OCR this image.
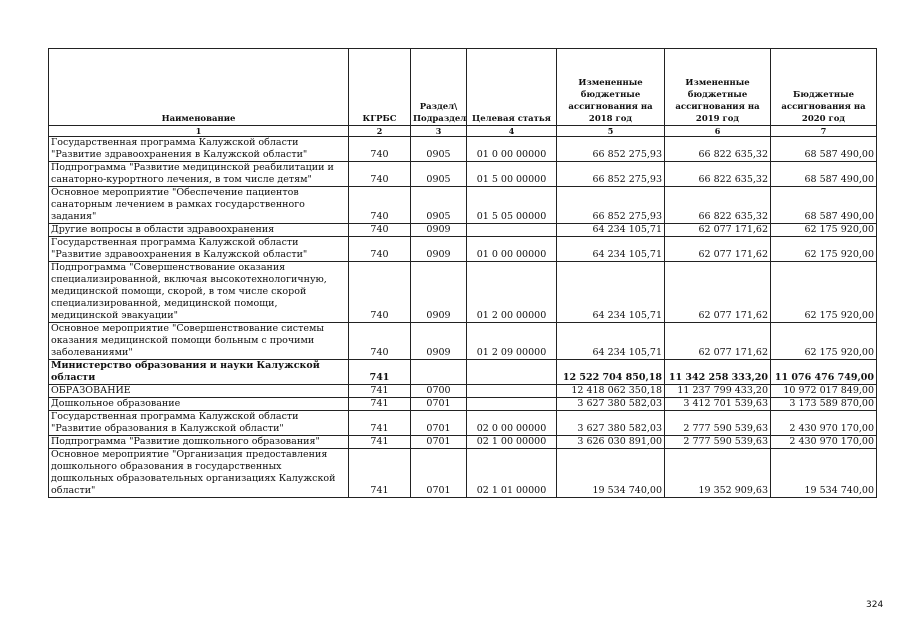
Наименование	КГРБС	Раздел\ Подраздел	Целевая статья	Измененные бюджетные ассигнования на 2018 год	Измененные бюджетные ассигнования на 2019 год	Бюджетные ассигнования на 2020 год
1	2	3	4	5	6	7
Государственная программа Калужской области "Развитие здравоохранения в Калужской области"	740	0905	01 0 00 00000	66 852 275,93	66 822 635,32	68 587 490,00
Подпрограмма "Развитие медицинской реабилитации и санаторно-курортного лечения, в том числе детям"	740	0905	01 5 00 00000	66 852 275,93	66 822 635,32	68 587 490,00
Основное мероприятие "Обеспечение пациентов санаторным лечением в рамках государственного задания"	740	0905	01 5 05 00000	66 852 275,93	66 822 635,32	68 587 490,00
Другие вопросы в области здравоохранения	740	0909		64 234 105,71	62 077 171,62	62 175 920,00
Государственная программа Калужской области "Развитие здравоохранения в Калужской области"	740	0909	01 0 00 00000	64 234 105,71	62 077 171,62	62 175 920,00
Подпрограмма "Совершенствование оказания специализированной, включая высокотехнологичную, медицинской помощи, скорой, в том числе скорой специализированной, медицинской помощи, медицинской эвакуации"	740	0909	01 2 00 00000	64 234 105,71	62 077 171,62	62 175 920,00
Основное мероприятие "Совершенствование системы оказания медицинской помощи больным с прочими заболеваниями"	740	0909	01 2 09 00000	64 234 105,71	62 077 171,62	62 175 920,00
Министерство образования и науки Калужской области	741			12 522 704 850,18	11 342 258 333,20	11 076 476 749,00
ОБРАЗОВАНИЕ	741	0700		12 418 062 350,18	11 237 799 433,20	10 972 017 849,00
Дошкольное образование	741	0701		3 627 380 582,03	3 412 701 539,63	3 173 589 870,00
Государственная программа Калужской области "Развитие образования в Калужской области"	741	0701	02 0 00 00000	3 627 380 582,03	2 777 590 539,63	2 430 970 170,00
Подпрограмма "Развитие дошкольного образования"	741	0701	02 1 00 00000	3 626 030 891,00	2 777 590 539,63	2 430 970 170,00
Основное мероприятие "Организация предоставления дошкольного образования в государственных дошкольных образовательных организациях Калужской области"	741	0701	02 1 01 00000	19 534 740,00	19 352 909,63	19 534 740,00
324
